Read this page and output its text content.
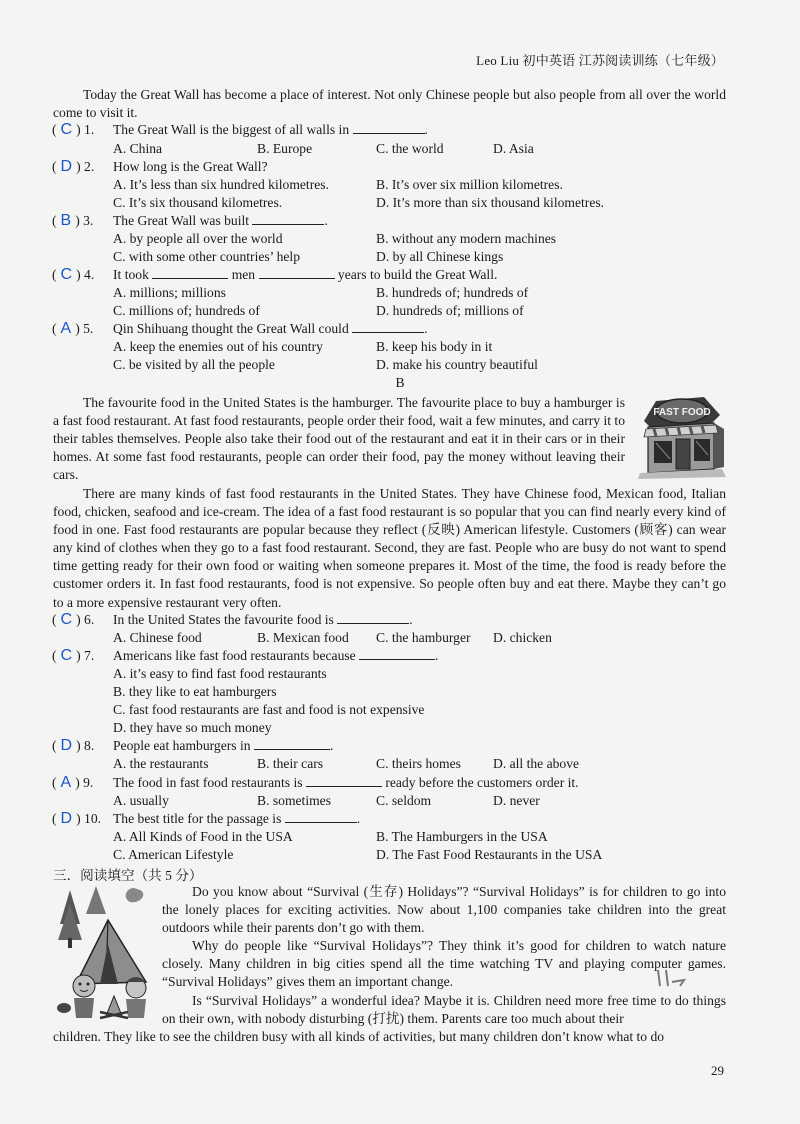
Leo Liu 初中英语 江苏阅读训练（七年级）
Today the Great Wall has become a place of interest. Not only Chinese people but also people from all over the world come to visit it.
( C ) 1. The Great Wall is the biggest of all walls in	.
A. China	B. Europe	C. the world	D. Asia
( D ) 2. How long is the Great Wall?
A. It’s less than six hundred kilometres.	B. It’s over six million kilometres.
C. It’s six thousand kilometres.	D. It’s more than six thousand kilometres.
( B ) 3. The Great Wall was built	.
A. by people all over the world	B. without any modern machines
C. with some other countries’ help	D. by all Chinese kings
( C ) 4. It took	men	years to build the Great Wall.
A. millions; millions	B. hundreds of; hundreds of
C. millions of; hundreds of	D. hundreds of; millions of
( A ) 5. Qin Shihuang thought the Great Wall could	.
A. keep the enemies out of his country	B. keep his body in it
C. be visited by all the people	D. make his country beautiful
B
The favourite food in the United States is the hamburger. The favourite place to buy a hamburger is a fast food restaurant. At fast food restaurants, people order their food, wait a few minutes, and carry it to their tables themselves. People also take their food out of the restaurant and eat it in their cars or in their homes. At some fast food restaurants, people can order their food, pay the money without leaving their cars.
FAST FOOD
There are many kinds of fast food restaurants in the United States. They have Chinese food, Mexican food, Italian food, chicken, seafood and ice-cream. The idea of a fast food restaurant is so popular that you can find nearly every kind of food in one. Fast food restaurants are popular because they reflect (反映) American lifestyle. Customers (顾客) can wear any kind of clothes when they go to a fast food restaurant. Second, they are fast. People who are busy do not want to spend time getting ready for their own food or waiting when someone prepares it. Most of the time, the food is ready before the customer orders it. In fast food restaurants, food is not expensive. So people often buy and eat there. Maybe they can’t go to a more expensive restaurant very often.
( C ) 6. In the United States the favourite food is	.
A. Chinese food	B. Mexican food C. the hamburger D. chicken
( C ) 7. Americans like fast food restaurants because	.
A. it’s easy to find fast food restaurants
B. they like to eat hamburgers
C. fast food restaurants are fast and food is not expensive
D. they have so much money
( D ) 8. People eat hamburgers in	.
A. the restaurants	B. their cars	C. theirs homes D. all the above
( A ) 9. The food in fast food restaurants is	ready before the customers order it.
A. usually	B. sometimes	C. seldom	D. never
( D ) 10. The best title for the passage is	.
A. All Kinds of Food in the USA	B. The Hamburgers in the USA
C. American Lifestyle	D. The Fast Food Restaurants in the USA
三．阅读填空（共 5 分）
Do you know about “Survival (生存) Holidays”? “Survival Holidays” is for children to go into the lonely places for exciting activities. Now about 1,100 companies take children into the great outdoors while their parents don’t go with them.
Why do people like “Survival Holidays”? They think it’s good for children to watch nature closely. Many children in big cities spend all the time watching TV and playing computer games. “Survival Holidays” gives them an important change.
Is “Survival Holidays” a wonderful idea? Maybe it is. Children need more free time to do things on their own, with nobody disturbing (打扰) them. Parents care too much about their
children. They like to see the children busy with all kinds of activities, but many children don’t know what to do
29
